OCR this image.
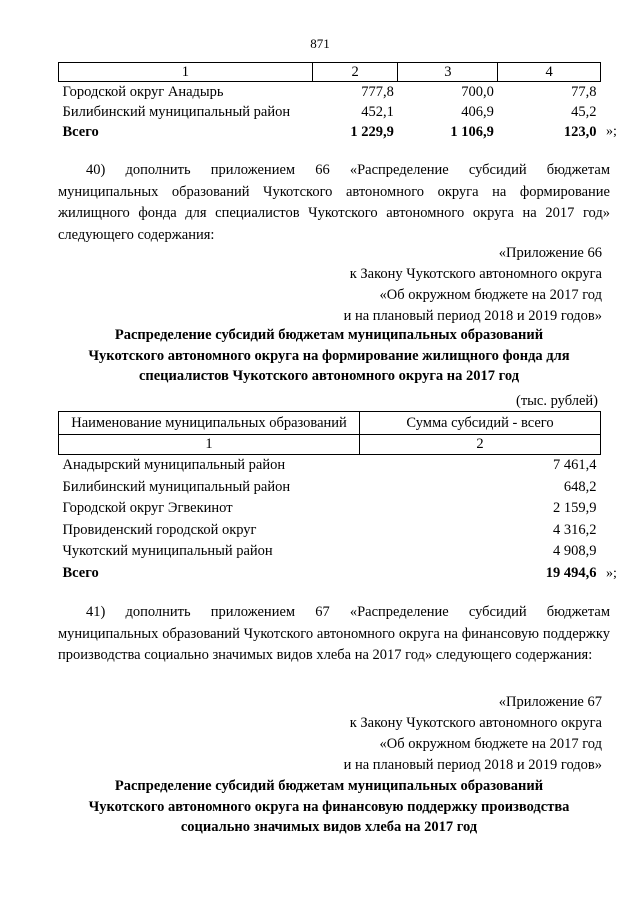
871
1	2	3	4
Городской округ Анадырь	777,8	700,0	77,8
Билибинский муниципальный район	452,1	406,9	45,2
Всего	1 229,9	1 106,9	123,0 »;
40) дополнить приложением 66 «Распределение субсидий бюджетам муниципальных образований Чукотского автономного округа на формирование жилищного фонда для специалистов Чукотского автономного округа на 2017 год» следующего содержания:
«Приложение 66
к Закону Чукотского автономного округа
«Об окружном бюджете на 2017 год
и на плановый период 2018 и 2019 годов»
Распределение субсидий бюджетам муниципальных образований
Чукотского автономного округа на формирование жилищного фонда для
специалистов Чукотского автономного округа на 2017 год
(тыс. рублей)
Наименование муниципальных образований	Сумма субсидий - всего
1	2
Анадырский муниципальный район	7 461,4
Билибинский муниципальный район	648,2
Городской округ Эгвекинот	2 159,9
Провиденский городской округ	4 316,2
Чукотский муниципальный район	4 908,9
Всего	19 494,6 »;
41) дополнить приложением 67 «Распределение субсидий бюджетам муниципальных образований Чукотского автономного округа на финансовую поддержку производства социально значимых видов хлеба на 2017 год» следующего содержания:
«Приложение 67
к Закону Чукотского автономного округа
«Об окружном бюджете на 2017 год
и на плановый период 2018 и 2019 годов»
Распределение субсидий бюджетам муниципальных образований
Чукотского автономного округа на финансовую поддержку производства
социально значимых видов хлеба на 2017 год
